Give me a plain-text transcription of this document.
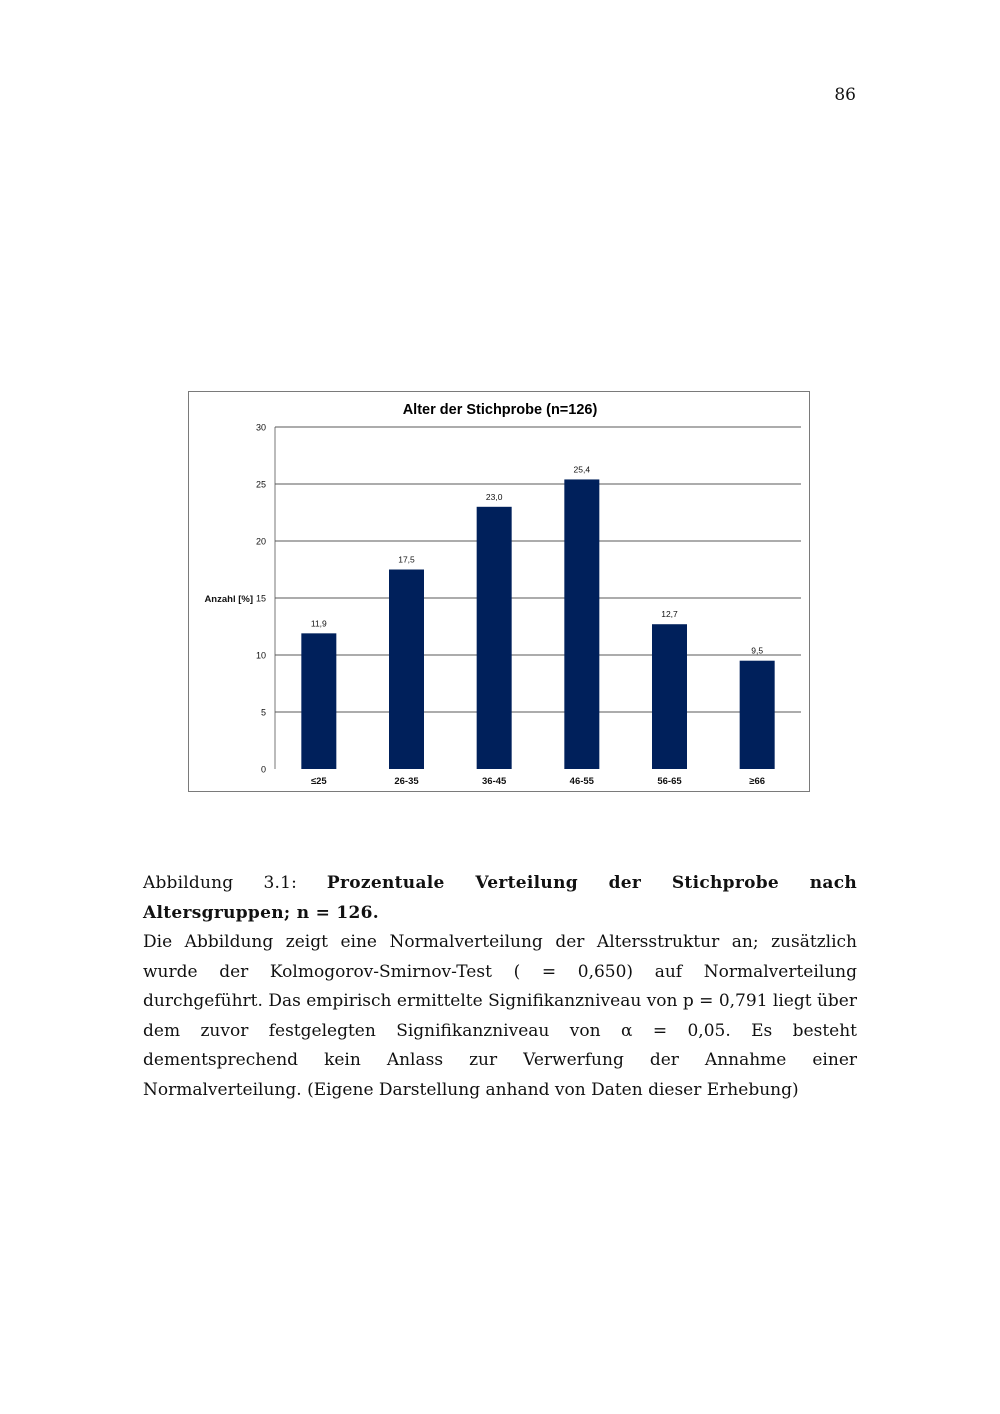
86
Alter der Stichprobe (n=126)
0
5
10
15
20
25
30
Anzahl [%]
11,9
≤25
17,5
26-35
23,0
36-45
25,4
46-55
12,7
56-65
9,5
≥66

Abbildung 3.1: Prozentuale Verteilung der Stichprobe nach Altersgruppen; n = 126.

Die Abbildung zeigt eine Normalverteilung der Altersstruktur an; zusätzlich wurde der Kolmogorov-Smirnov-Test ( = 0,650) auf Normalverteilung durchgeführt. Das empirisch ermittelte Signifikanzniveau von p = 0,791 liegt über dem zuvor festgelegten Signifikanzniveau von α = 0,05. Es besteht dementsprechend kein Anlass zur Verwerfung der Annahme einer Normalverteilung. (Eigene Darstellung anhand von Daten dieser Erhebung)
